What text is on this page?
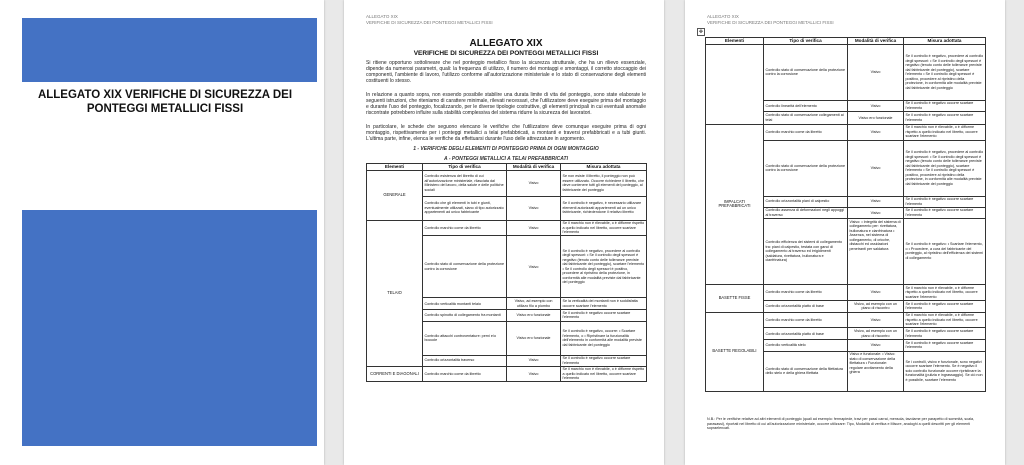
ALLEGATO XIX VERIFICHE DI SICUREZZA DEI PONTEGGI METALLICI FISSI
ALLEGATO XIX
VERIFICHE DI SICUREZZA DEI PONTEGGI METALLICI FISSI
ALLEGATO XIX
VERIFICHE DI SICUREZZA DEI PONTEGGI METALLICI FISSI
Si ritiene opportuno sottolineare che nel ponteggio metallico fisso la sicurezza strutturale, che ha un rilievo essenziale, dipende da numerosi parametri, quali: la frequenza di utilizzo, il numero dei montaggi e smontaggi, il corretto stoccaggio dei componenti, l'ambiente di lavoro, l'utilizzo conforme all'autorizzazione ministeriale e lo stato di conservazione degli elementi costituenti lo stesso.
In relazione a quanto sopra, non essendo possibile stabilire una durata limite di vita del ponteggio, sono state elaborate le seguenti istruzioni, che riteniamo di carattere minimale, rilevati necessari, che l'utilizzatore deve eseguire prima del montaggio e durante l'uso del ponteggio, focalizzando, per le diverse tipologie costruttive, gli elementi principali in cui eventuali anomalie riscontrate potrebbero influire sulla stabilità complessiva del sistema ridurre la sicurezza dei lavoratori.
In particolare, le schede che seguono elencano le verifiche che l'utilizzatore deve comunque eseguire prima di ogni montaggio, rispettivamente per i ponteggi metallici a telai prefabbricati, a montanti e traversi prefabbricati e a tubi giunti. L'ultima parte, infine, elenca le verifiche da effettuarsi durante l'uso delle attrezzature in argomento.
1 - VERIFICHE DEGLI ELEMENTI DI PONTEGGIO PRIMA DI OGNI MONTAGGIO
A - PONTEGGI METALLICI A TELAI PREFABBRICATI
Elementi	Tipo di verifica	Modalità di verifica	Misura adottata
GENERALE	Controllo esistenza del libretto di cui all'autorizzazione ministeriale, rilasciata dal Ministero del lavoro, della salute e delle politiche sociali	Visivo	Se non esiste il libretto, il ponteggio non può essere utilizzato. Occorre richiedere il libretto, che deve contenere tutti gli elementi del ponteggio, al fabbricante del ponteggio
	Controllo che gli elementi in tubi e giunti, eventualmente utilizzati, siano di tipo autorizzato appartenenti ad unico fabbricante	Visivo	Se il controllo è negativo, è necessario utilizzare elementi autorizzati appartenenti ad un unico fabbricante, richiedendone il relativo libretto
TELAIO	Controllo marchio come da libretto	Visivo	Se il marchio non è rilevabile, o è difforme rispetto a quello indicato nel libretto, occorre scartare l'elemento
	Controllo stato di conservazione della protezione contro la corrosione	Visivo	Se il controllo è negativo, procedere al controllo degli spessori: • Se il controllo degli spessori è negativo (tenuto conto delle tolleranze previste dal fabbricante del ponteggio), scartare l'elemento • Se il controllo degli spessori è positivo, procedere al ripristino della protezione, in conformità alle modalità previste dal fabbricante del ponteggio
	Controllo verticalità montanti telaio	Visivo, ad esempio con utilizzo filo a piombo	Se la verticalità dei montanti non è soddisfatta occorre scartare l'elemento
	Controllo spinotto di collegamento fra montanti	Visivo ero funzionale	Se il controllo è negativo occorre scartare l'elemento
	Controllo attacchi controventature: perni e/o boccole	Visivo ero funzionale	Se il controllo è negativo, occorre: • Scartare l'elemento, o • Ripristinare la funzionalità dell'elemento in conformità alle modalità previste dal fabbricante del ponteggio
	Controllo orizzontalità traverso	Visivo	Se il controllo è negativo occorre scartare l'elemento
CORRENTI E DIAGONALI	Controllo marchio come da libretto	Visivo	Se il marchio non è rilevabile, o è difforme rispetto a quello indicato nel libretto, occorre scartare l'elemento
ALLEGATO XIX
VERIFICHE DI SICUREZZA DEI PONTEGGI METALLICI FISSI
Elementi	Tipo di verifica	Modalità di verifica	Misura adottata
	Controllo stato di conservazione della protezione contro la corrosione	Visivo	Se il controllo è negativo, procedere al controllo degli spessori: • Se il controllo degli spessori è negativo (tenuto conto delle tolleranze previste dal fabbricante del ponteggio), scartare l'elemento • Se il controllo degli spessori è positivo, procedere al ripristino della protezione, in conformità alle modalità previste dal fabbricante del ponteggio
	Controllo linearità dell'elemento	Visivo	Se il controllo è negativo occorre scartare l'elemento
	Controllo stato di conservazione collegamenti ai telai	Visivo ero funzionale	Se il controllo è negativo occorre scartare l'elemento
IMPALCATI PREFABBRICATI	Controllo marchio come da libretto	Visivo	Se il marchio non è rilevabile, o è difforme rispetto a quello indicato nel libretto, occorre scartare l'elemento
	Controllo stato di conservazione della protezione contro la corrosione	Visivo	Se il controllo è negativo, procedere al controllo degli spessori: • Se il controllo degli spessori è negativo (tenuto conto delle tolleranze previste dal fabbricante del ponteggio), scartare l'elemento • Se il controllo degli spessori è positivo, procedere al ripristino della protezione, in conformità alle modalità previste dal fabbricante del ponteggio
	Controllo orizzontalità piani di calpestio	Visivo	Se il controllo è negativo occorre scartare l'elemento
	Controllo assenza di deformazioni negli appoggi al traverso	Visivo	Se il controllo è negativo occorre scartare l'elemento
	Controllo efficienza dei sistemi di collegamento tra: piani di calpestio, testata con ganci di collegamento al traverso ed irrigidimenti (saldatura, rivettatura, bullonatura e cianfrinatura)	Visivo: • Integrità del sistema di collegamento per: rivettatura, bullonatura e cianfrinatura • Assenza, nel sistema di collegamento, di cricche, distacchi ed ossidazioni penetranti per saldatura	Se il controllo è negativo: • Scartare l'elemento, o • Procedere, a cura del fabbricante del ponteggio, al ripristino dell'efficienza dei sistemi di collegamento
BASETTE FISSE	Controllo marchio come da libretto	Visivo	Se il marchio non è rilevabile, o è difforme rispetto a quello indicato nel libretto, occorre scartare l'elemento
	Controllo orizzontalità piatto di base	Visivo, ad esempio con un piano di riscontro	Se il controllo è negativo occorre scartare l'elemento
BASETTE REGOLABILI	Controllo marchio come da libretto	Visivo	Se il marchio non è rilevabile, o è difforme rispetto a quello indicato nel libretto, occorre scartare l'elemento
	Controllo orizzontalità piatto di base	Visivo, ad esempio con un piano di riscontro	Se il controllo è negativo occorre scartare l'elemento
	Controllo verticalità stelo	Visivo	Se il controllo è negativo occorre scartare l'elemento
	Controllo stato di conservazione della filettatura dello stelo e della ghiera filettata	Visivo e funzionale: • Visivo: stato di conservazione della filettatura • Funzionale: regolare avvitamento della ghiera	Se i controlli, visivo e funzionale, sono negativi occorre scartare l'elemento. Se è negativo il solo controllo funzionale occorre ripristinare la funzionalità (pulizia e ingrassaggio). Se ciò non è possibile, scartare l'elemento
N.B.: Per le verifiche relative ad altri elementi di ponteggio (quali ad esempio: fermapiede, travi per passi carrai, mensola, tavolame per parapetto di sommità, scala, parasassi), riportati nel libretto di cui all'autorizzazione ministeriale, occorre utilizzare: Tipo, Modalità di verifica e Misure, analoghi a quelli descritti per gli elementi sopraelencati.
✥
